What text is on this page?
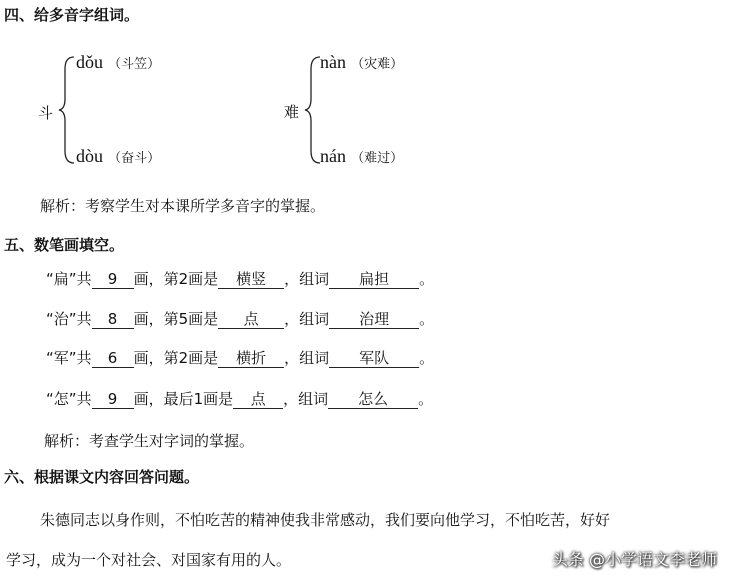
四、给多音字组词。
斗
dǒu （斗笠）
dòu （奋斗）
难
nàn （灾难）
nán （难过）
解析：考察学生对本课所学多音字的掌握。
五、数笔画填空。
“扁”共 9 画，第2画是 横竖 ，组词 扁担 。
“治”共 8 画，第5画是 点 ，组词 治理 。
“军”共 6 画，第2画是 横折 ，组词 军队 。
“怎”共 9 画，最后1画是 点 ，组词 怎么 。
解析：考查学生对字词的掌握。
六、根据课文内容回答问题。
朱德同志以身作则，不怕吃苦的精神使我非常感动，我们要向他学习，不怕吃苦，好好
学习，成为一个对社会、对国家有用的人。	头条 @小学语文李老师
